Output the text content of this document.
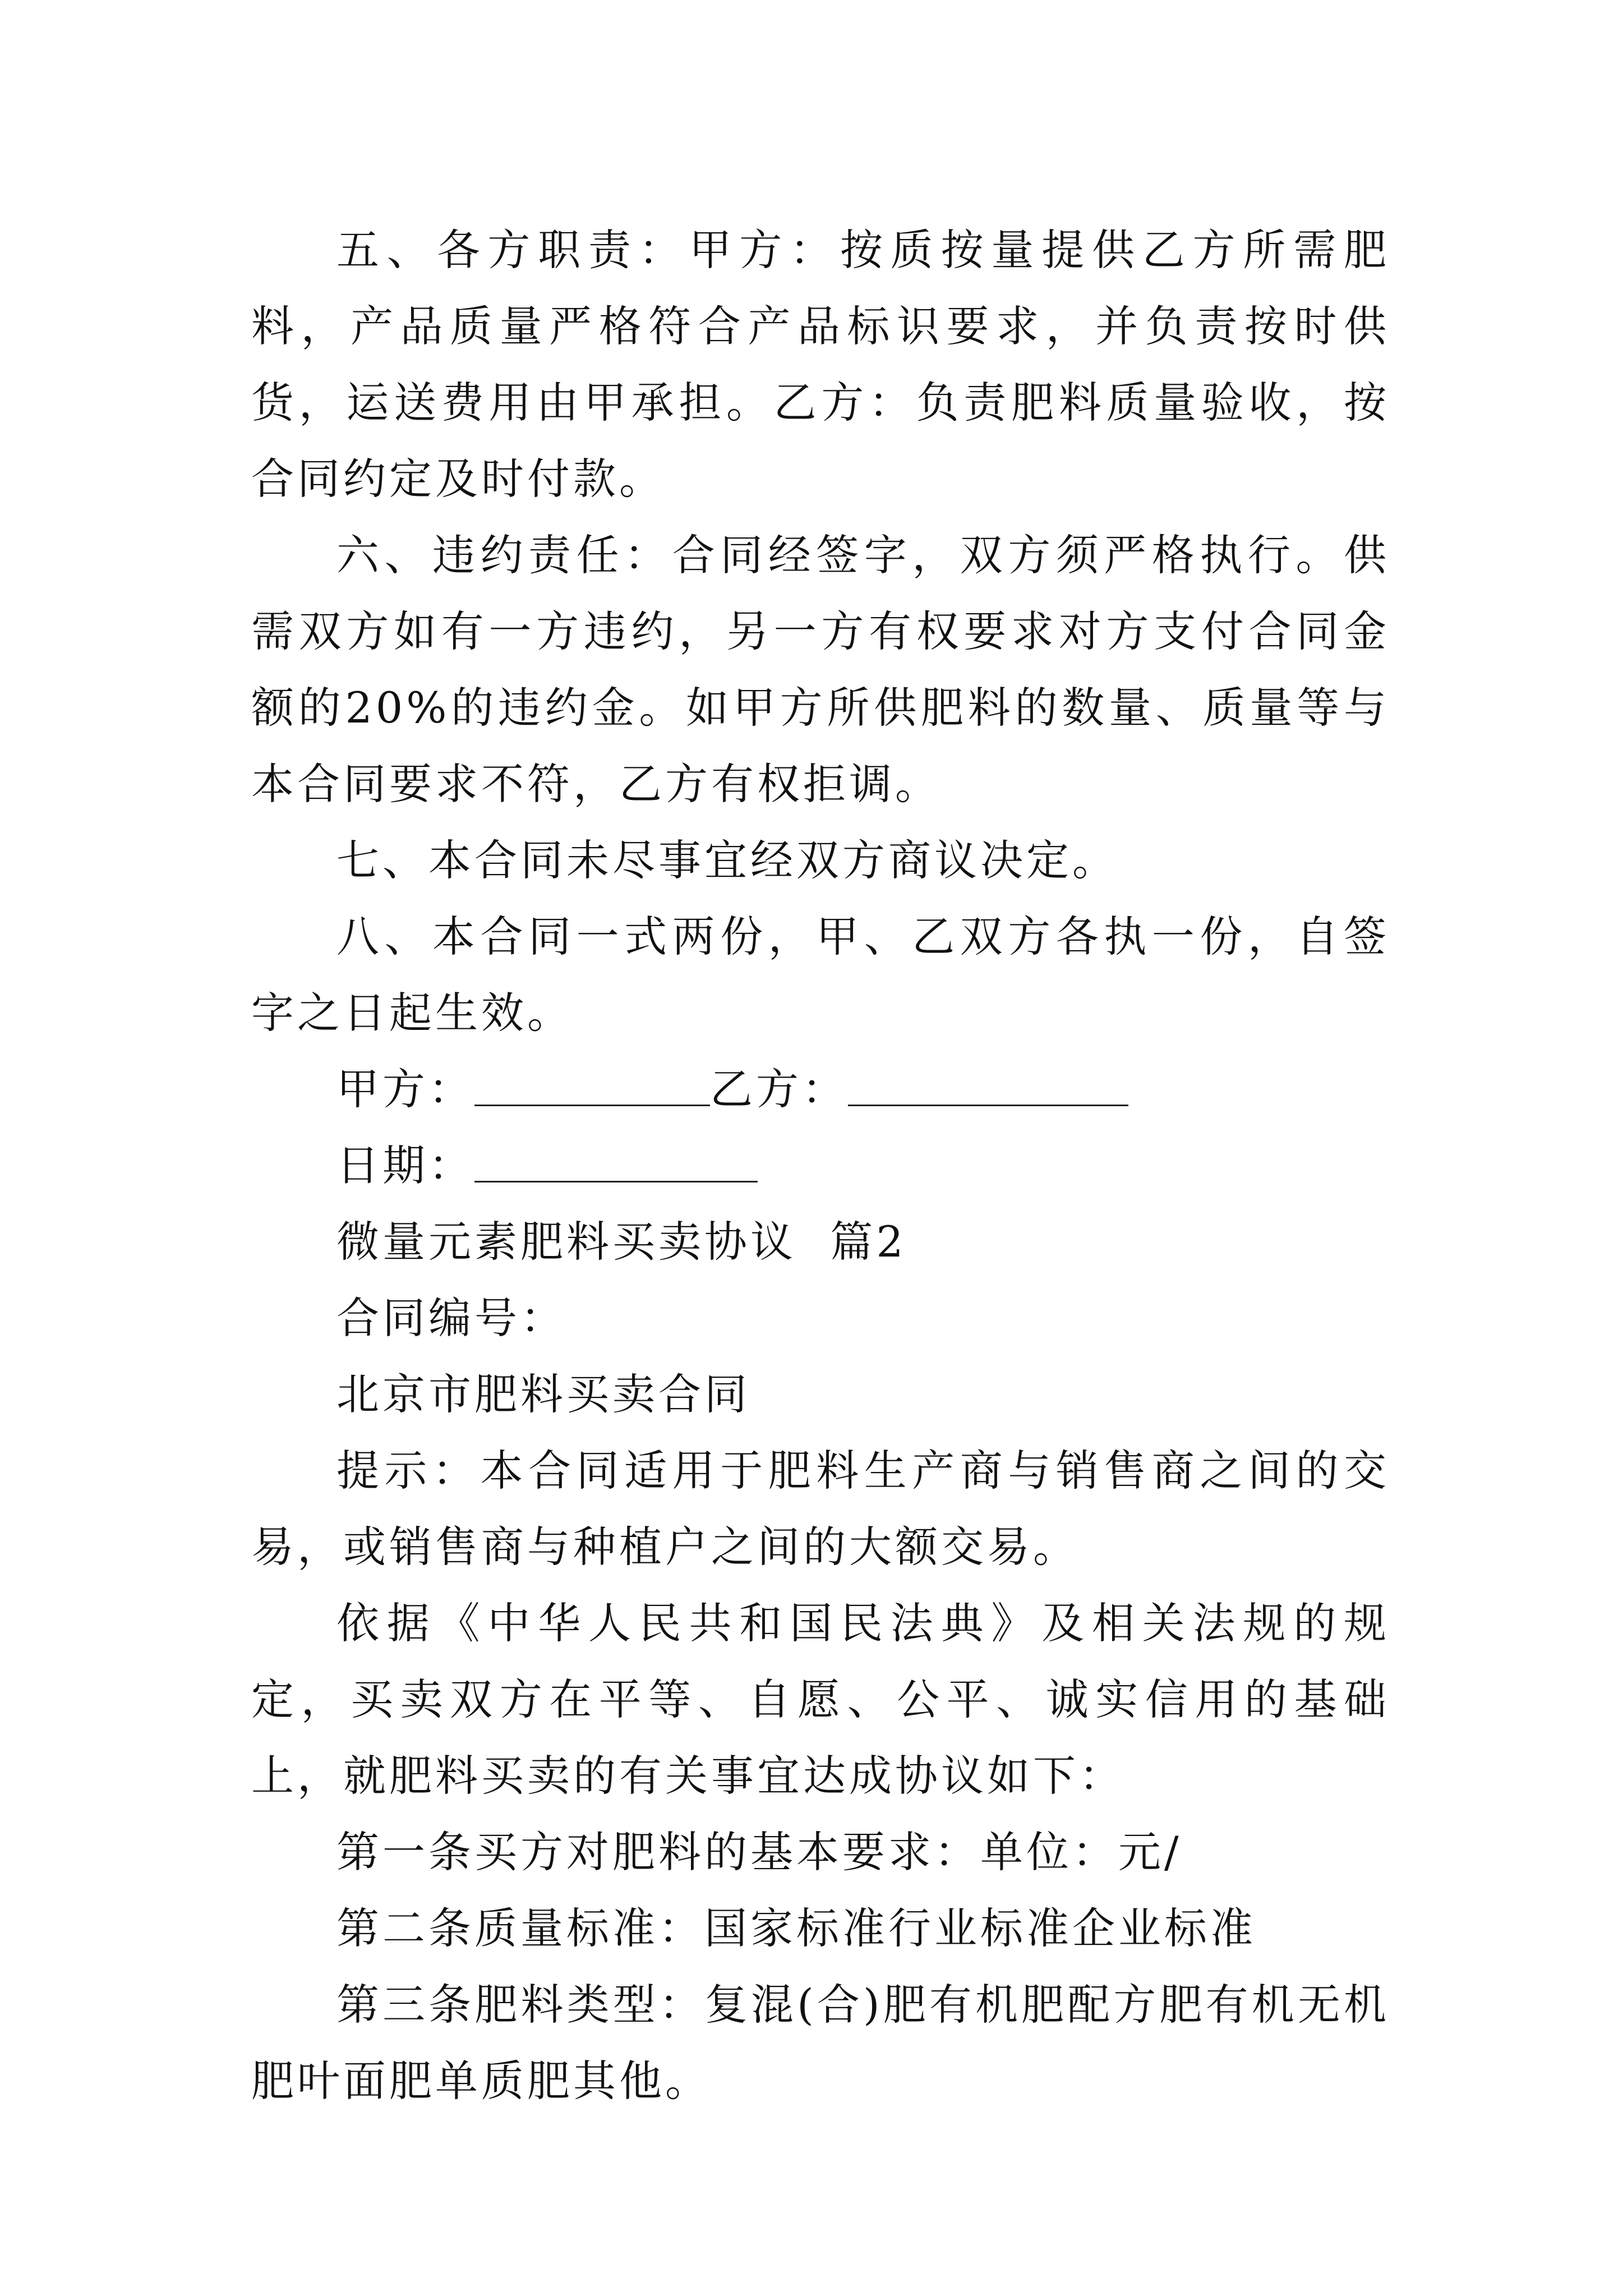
五、各方职责：甲方：按质按量提供乙方所需肥料，产品质量严格符合产品标识要求，并负责按时供货，运送费用由甲承担。乙方：负责肥料质量验收，按合同约定及时付款。

六、违约责任：合同经签字，双方须严格执行。供需双方如有一方违约，另一方有权要求对方支付合同金额的20%的违约金。如甲方所供肥料的数量、质量等与本合同要求不符，乙方有权拒调。

七、本合同未尽事宜经双方商议决定。

八、本合同一式两份，甲、乙双方各执一份，自签字之日起生效。

甲方：	乙方：

日期：

微量元素肥料买卖协议  篇2

合同编号：

北京市肥料买卖合同

提示：本合同适用于肥料生产商与销售商之间的交易，或销售商与种植户之间的大额交易。

依据《中华人民共和国民法典》及相关法规的规定，买卖双方在平等、自愿、公平、诚实信用的基础上，就肥料买卖的有关事宜达成协议如下：

第一条买方对肥料的基本要求：单位：元/

第二条质量标准：国家标准行业标准企业标准

第三条肥料类型：复混(合)肥有机肥配方肥有机无机肥叶面肥单质肥其他。
